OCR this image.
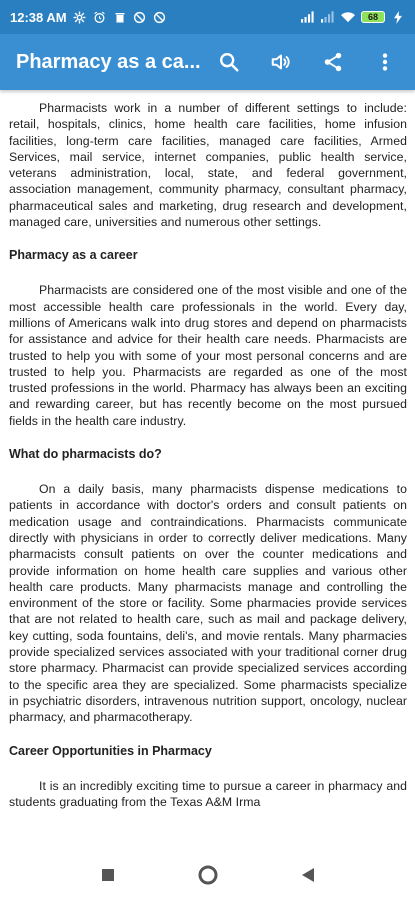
12:38 AM	68
Pharmacy as a ca...

Pharmacists work in a number of different settings to include: retail, hospitals, clinics, home health care facilities, home infusion facilities, long-term care facilities, managed care facilities, Armed Services, mail service, internet companies, public health service, veterans administration, local, state, and federal government, association management, community pharmacy, consultant pharmacy, pharmaceutical sales and marketing, drug research and development, managed care, universities and numerous other settings.

Pharmacy as a career

Pharmacists are considered one of the most visible and one of the most accessible health care professionals in the world. Every day, millions of Americans walk into drug stores and depend on pharmacists for assistance and advice for their health care needs. Pharmacists are trusted to help you with some of your most personal concerns and are trusted to help you. Pharmacists are regarded as one of the most trusted professions in the world. Pharmacy has always been an exciting and rewarding career, but has recently become on the most pursued fields in the health care industry.

What do pharmacists do?

On a daily basis, many pharmacists dispense medications to patients in accordance with doctor's orders and consult patients on medication usage and contraindications. Pharmacists communicate directly with physicians in order to correctly deliver medications. Many pharmacists consult patients on over the counter medications and provide information on home health care supplies and various other health care products. Many pharmacists manage and controlling the environment of the store or facility. Some pharmacies provide services that are not related to health care, such as mail and package delivery, key cutting, soda fountains, deli's, and movie rentals. Many pharmacies provide specialized services associated with your traditional corner drug store pharmacy. Pharmacist can provide specialized services according to the specific area they are specialized. Some pharmacists specialize in psychiatric disorders, intravenous nutrition support, oncology, nuclear pharmacy, and pharmacotherapy.

Career Opportunities in Pharmacy

It is an incredibly exciting time to pursue a career in pharmacy and students graduating from the Texas A&M Irma
